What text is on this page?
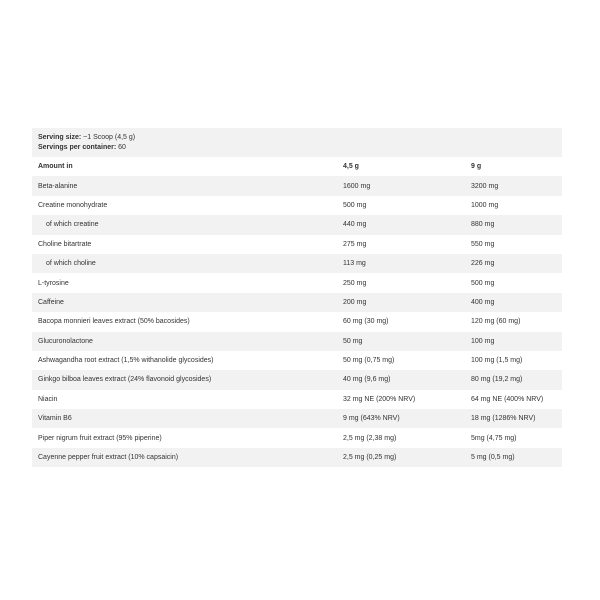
Serving size: ~1 Scoop (4,5 g)
Servings per container: 60
Amount in	4,5 g	9 g
Beta-alanine	1600 mg	3200 mg
Creatine monohydrate	500 mg	1000 mg
of which creatine	440 mg	880 mg
Choline bitartrate	275 mg	550 mg
of which choline	113 mg	226 mg
L-tyrosine	250 mg	500 mg
Caffeine	200 mg	400 mg
Bacopa monnieri leaves extract (50% bacosides)	60 mg (30 mg)	120 mg (60 mg)
Glucuronolactone	50 mg	100 mg
Ashwagandha root extract (1,5% withanolide glycosides)	50 mg (0,75 mg)	100 mg (1,5 mg)
Ginkgo bilboa leaves extract (24% flavonoid glycosides)	40 mg (9,6 mg)	80 mg (19,2 mg)
Niacin	32 mg NE (200% NRV)	64 mg NE (400% NRV)
Vitamin B6	9 mg (643% NRV)	18 mg (1286% NRV)
Piper nigrum fruit extract (95% piperine)	2,5 mg (2,38 mg)	5mg (4,75 mg)
Cayenne pepper fruit extract (10% capsaicin)	2,5 mg (0,25 mg)	5 mg (0,5 mg)
